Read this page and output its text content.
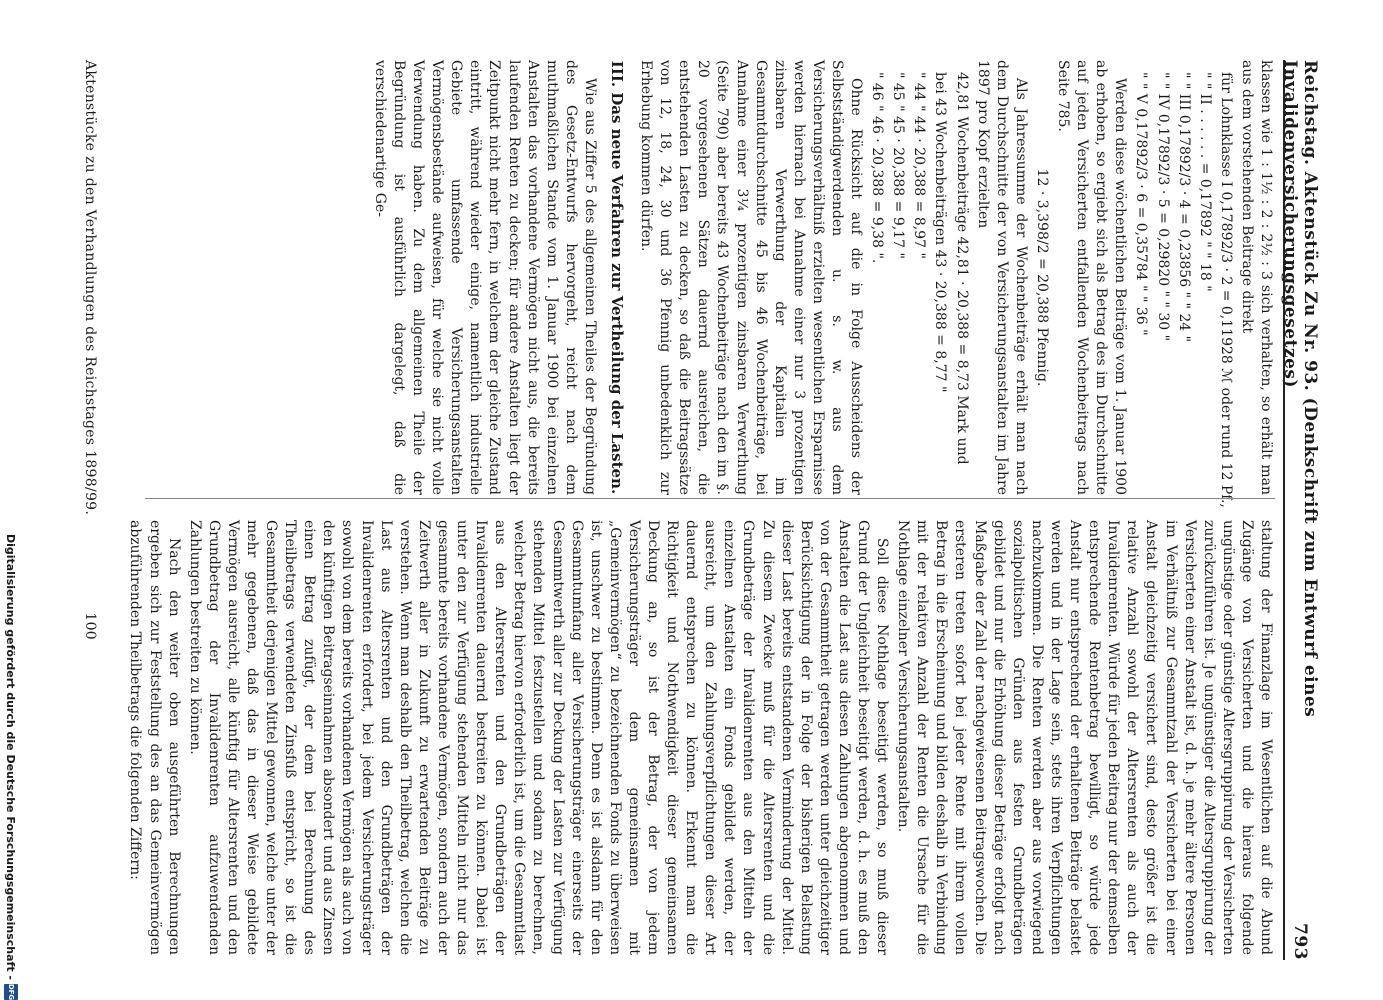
Reichstag. Aktenstück Zu Nr. 93. (Denkschrift zum Entwurf eines Invalidenversicherungsgesetzes)
793

klassen wie 1 : 1½ : 2 : 2½ : 3 sich verhalten, so erhält man aus dem vorstehenden Beitrage direkt

für Lohnklasse I 0,17892/3 · 2 = 0,11928 ℳ oder rund 12 Pf.,
" " II . . . . . . = 0,17892 " " 18 "
" " III 0,17892/3 · 4 = 0,23856 " " 24 "
" " IV 0,17892/3 · 5 = 0,29820 " " 30 "
" " V 0,17892/3 · 6 = 0,35784 " " 36 "

Werden diese wöchentlichen Beiträge vom 1. Januar 1900 ab erhoben, so ergiebt sich als Betrag des im Durchschnitte auf jeden Versicherten entfallenden Wochenbeitrags nach Seite 785.

12 · 3,398/2 = 20,388 Pfennig.

Als Jahressumme der Wochenbeiträge erhält man nach dem Durchschnitte der von Versicherungsanstalten im Jahre 1897 pro Kopf erzielten

42,81 Wochenbeiträge 42,81 · 20,388 = 8,73 Mark und
bei 43 Wochenbeiträgen 43 · 20,388 = 8,77 "
" 44 " 44 · 20,388 = 8,97 "
" 45 " 45 · 20,388 = 9,17 "
" 46 " 46 · 20,388 = 9,38 ".

Ohne Rücksicht auf die in Folge Ausscheidens der Selbstständigwerdenden u. s. w. aus dem Versicherungsverhältniß erzielten wesentlichen Ersparnisse werden hiernach bei Annahme einer nur 3 prozentigen zinsbaren Verwerthung der Kapitalien im Gesammtdurchschnitte 45 bis 46 Wochenbeiträge, bei Annahme einer 3¼ prozentigen zinsbaren Verwerthung (Seite 790) aber bereits 43 Wochenbeiträge nach den im §. 20 vorgesehenen Sätzen dauernd ausreichen, die entstehenden Lasten zu decken, so daß die Beitragssätze von 12, 18, 24, 30 und 36 Pfennig unbedenklich zur Erhebung kommen dürfen.

III. Das neue Verfahren zur Vertheilung der Lasten.

Wie aus Ziffer 5 des allgemeinen Theiles der Begründung des Gesetz-Entwurfs hervorgeht, reicht nach dem muthmaßlichen Stande vom 1. Januar 1900 bei einzelnen Anstalten das vorhandene Vermögen nicht aus, die bereits laufenden Renten zu decken; für andere Anstalten liegt der Zeitpunkt nicht mehr fern, in welchem der gleiche Zustand eintritt, während wieder einige, namentlich industrielle Gebiete umfassende Versicherungsanstalten Vermögensbestände aufweisen, für welche sie nicht volle Verwendung haben. Zu dem allgemeinen Theile der Begründung ist ausführlich dargelegt, daß die verschiedenartige Ge-

staltung der Finanzlage im Wesentlichen auf die Abund Zugänge von Versicherten und die hieraus folgende ungünstige oder günstige Altersgruppirung der Versicherten zurückzuführen ist. Je ungünstiger die Altersgruppirung der Versicherten einer Anstalt ist, d. h. je mehr ältere Personen im Verhältniß zur Gesammtzahl der Versicherten bei einer Anstalt gleichzeitig versichert sind, desto größer ist die relative Anzahl sowohl der Altersrenten als auch der Invalidenrenten. Würde für jeden Beitrag nur der demselben entsprechende Rentenbetrag bewilligt, so würde jede Anstalt nur entsprechend der erhaltenen Beiträge belastet werden und in der Lage sein, stets ihren Verpflichtungen nachzukommen. Die Renten werden aber aus vorwiegend sozialpolitischen Gründen aus festen Grundbeträgen gebildet und nur die Erhöhung dieser Beträge erfolgt nach Maßgabe der Zahl der nachgewiesenen Beitragswochen. Die ersteren treten sofort bei jeder Rente mit ihrem vollen Betrag in die Erscheinung und bilden deshalb in Verbindung mit der relativen Anzahl der Renten die Ursache für die Nothlage einzelner Versicherungsanstalten.

Soll diese Nothlage beseitigt werden, so muß dieser Grund der Ungleichheit beseitigt werden, d. h. es muß den Anstalten die Last aus diesen Zahlungen abgenommen und von der Gesammtheit getragen werden unter gleichzeitiger Berücksichtigung der in Folge der bisherigen Belastung dieser Last bereits entstandenen Verminderung der Mittel. Zu diesem Zwecke muß für die Altersrenten und die Grundbeträge der Invalidenrenten aus den Mitteln der einzelnen Anstalten ein Fonds gebildet werden, der ausreicht, um den Zahlungsverpflichtungen dieser Art dauernd entsprechen zu können. Erkennt man die Richtigkeit und Nothwendigkeit dieser gemeinsamen Deckung an, so ist der Betrag, der von jedem Versicherungsträger dem gemeinsamen mit „Gemeinvermögen“ zu bezeichnenden Fonds zu überweisen ist, unschwer zu bestimmen. Denn es ist alsdann für den Gesammtumfang aller Versicherungsträger einerseits der Gesammtwerth aller zur Deckung der Lasten zur Verfügung stehenden Mittel festzustellen und sodann zu berechnen, welcher Betrag hiervon erforderlich ist, um die Gesammtlast aus den Altersrenten und den Grundbeträgen der Invalidenrenten dauernd bestreiten zu können. Dabei ist unter den zur Verfügung stehenden Mitteln nicht nur das gesammte bereits vorhandene Vermögen, sondern auch der Zeitwerth aller in Zukunft zu erwartenden Beiträge zu verstehen. Wenn man deshalb den Theilbetrag, welchen die Last aus Altersrenten und den Grundbeträgen der Invalidenrenten erfordert, bei jedem Versicherungsträger sowohl von dem bereits vorhandenen Vermögen als auch von den künftigen Beitragseinnahmen absondert und aus Zinsen einen Betrag zufügt, der dem bei Berechnung des Theilbetrags verwendeten Zinsfuß entspricht, so ist die Gesammtheit derjenigen Mittel gewonnen, welche unter der mehr gegebenen, daß das in dieser Weise gebildete Vermögen ausreicht, alle künftig für Altersrenten und den Grundbetrag der Invalidenrenten aufzuwendenden Zahlungen bestreiten zu können.

Nach den weiter oben ausgeführten Berechnungen ergeben sich zur Feststellung des an das Gemeinvermögen abzuführenden Theilbetrags die folgenden Ziffern:

Aktenstücke zu den Verhandlungen des Reichstages 1898/99.
100
Digitalisierung gefördert durch die Deutsche Forschungsgemeinschaft -
DFG
